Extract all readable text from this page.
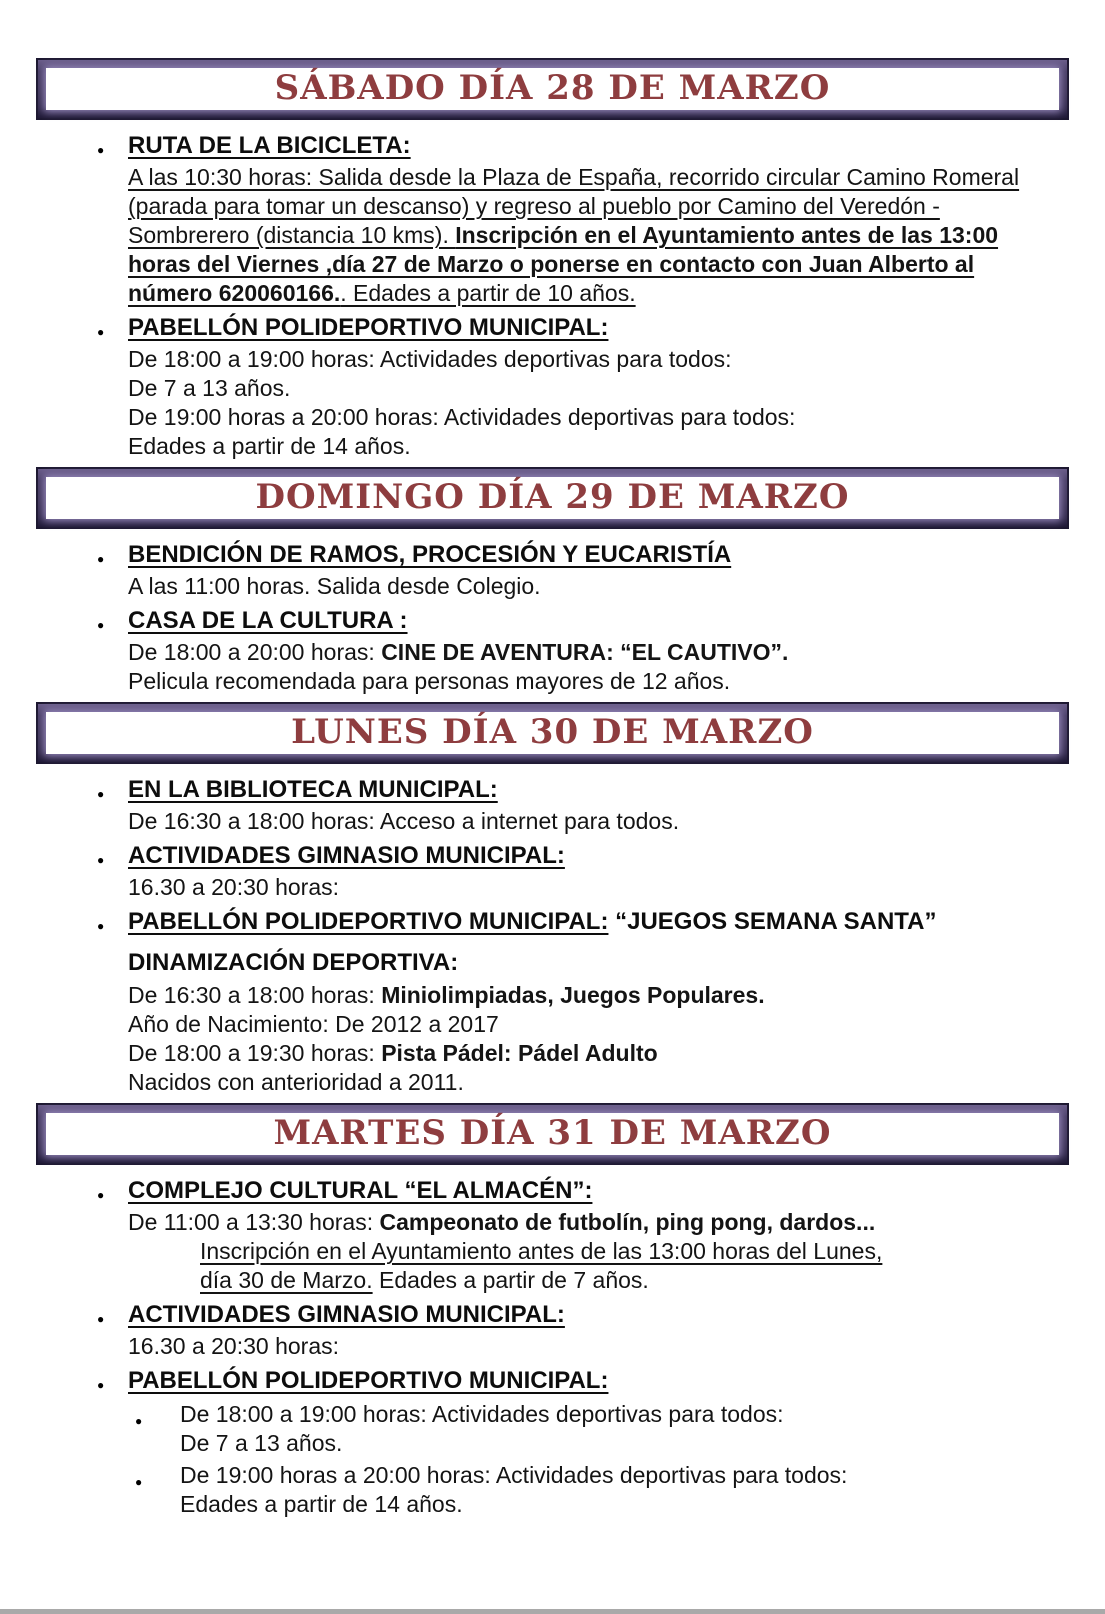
SÁBADO DÍA 28 DE MARZO
● RUTA DE LA BICICLETA:
A las 10:30 horas: Salida desde la Plaza de España, recorrido circular Camino Romeral (parada para tomar un descanso) y regreso al pueblo por Camino del Veredón - Sombrerero (distancia 10 kms). Inscripción en el Ayuntamiento antes de las 13:00 horas del Viernes ,día 27 de Marzo o ponerse en contacto con Juan Alberto al número 620060166.. Edades a partir de 10 años.
● PABELLÓN POLIDEPORTIVO MUNICIPAL:
De 18:00 a 19:00 horas: Actividades deportivas para todos:
De 7 a 13 años.
De 19:00 horas a 20:00 horas: Actividades deportivas para todos:
Edades a partir de 14 años.
DOMINGO DÍA 29 DE MARZO
● BENDICIÓN DE RAMOS, PROCESIÓN Y EUCARISTÍA
A las 11:00 horas. Salida desde Colegio.
● CASA DE LA CULTURA :
De 18:00 a 20:00 horas: CINE DE AVENTURA: “EL CAUTIVO”.
Pelicula recomendada para personas mayores de 12 años.
LUNES DÍA 30 DE MARZO
● EN LA BIBLIOTECA MUNICIPAL:
De 16:30 a 18:00 horas: Acceso a internet para todos.
● ACTIVIDADES GIMNASIO MUNICIPAL:
16.30 a 20:30 horas:
● PABELLÓN POLIDEPORTIVO MUNICIPAL: “JUEGOS SEMANA SANTA”
DINAMIZACIÓN DEPORTIVA:
De 16:30 a 18:00 horas: Miniolimpiadas, Juegos Populares.
Año de Nacimiento: De 2012 a 2017
De 18:00 a 19:30 horas: Pista Pádel: Pádel Adulto
Nacidos con anterioridad a 2011.
MARTES DÍA 31 DE MARZO
● COMPLEJO CULTURAL “EL ALMACÉN”:
De 11:00 a 13:30 horas: Campeonato de futbolín, ping pong, dardos...
Inscripción en el Ayuntamiento antes de las 13:00 horas del Lunes,
día 30 de Marzo. Edades a partir de 7 años.
● ACTIVIDADES GIMNASIO MUNICIPAL:
16.30 a 20:30 horas:
● PABELLÓN POLIDEPORTIVO MUNICIPAL:
● De 18:00 a 19:00 horas: Actividades deportivas para todos:
De 7 a 13 años.
● De 19:00 horas a 20:00 horas: Actividades deportivas para todos:
Edades a partir de 14 años.
